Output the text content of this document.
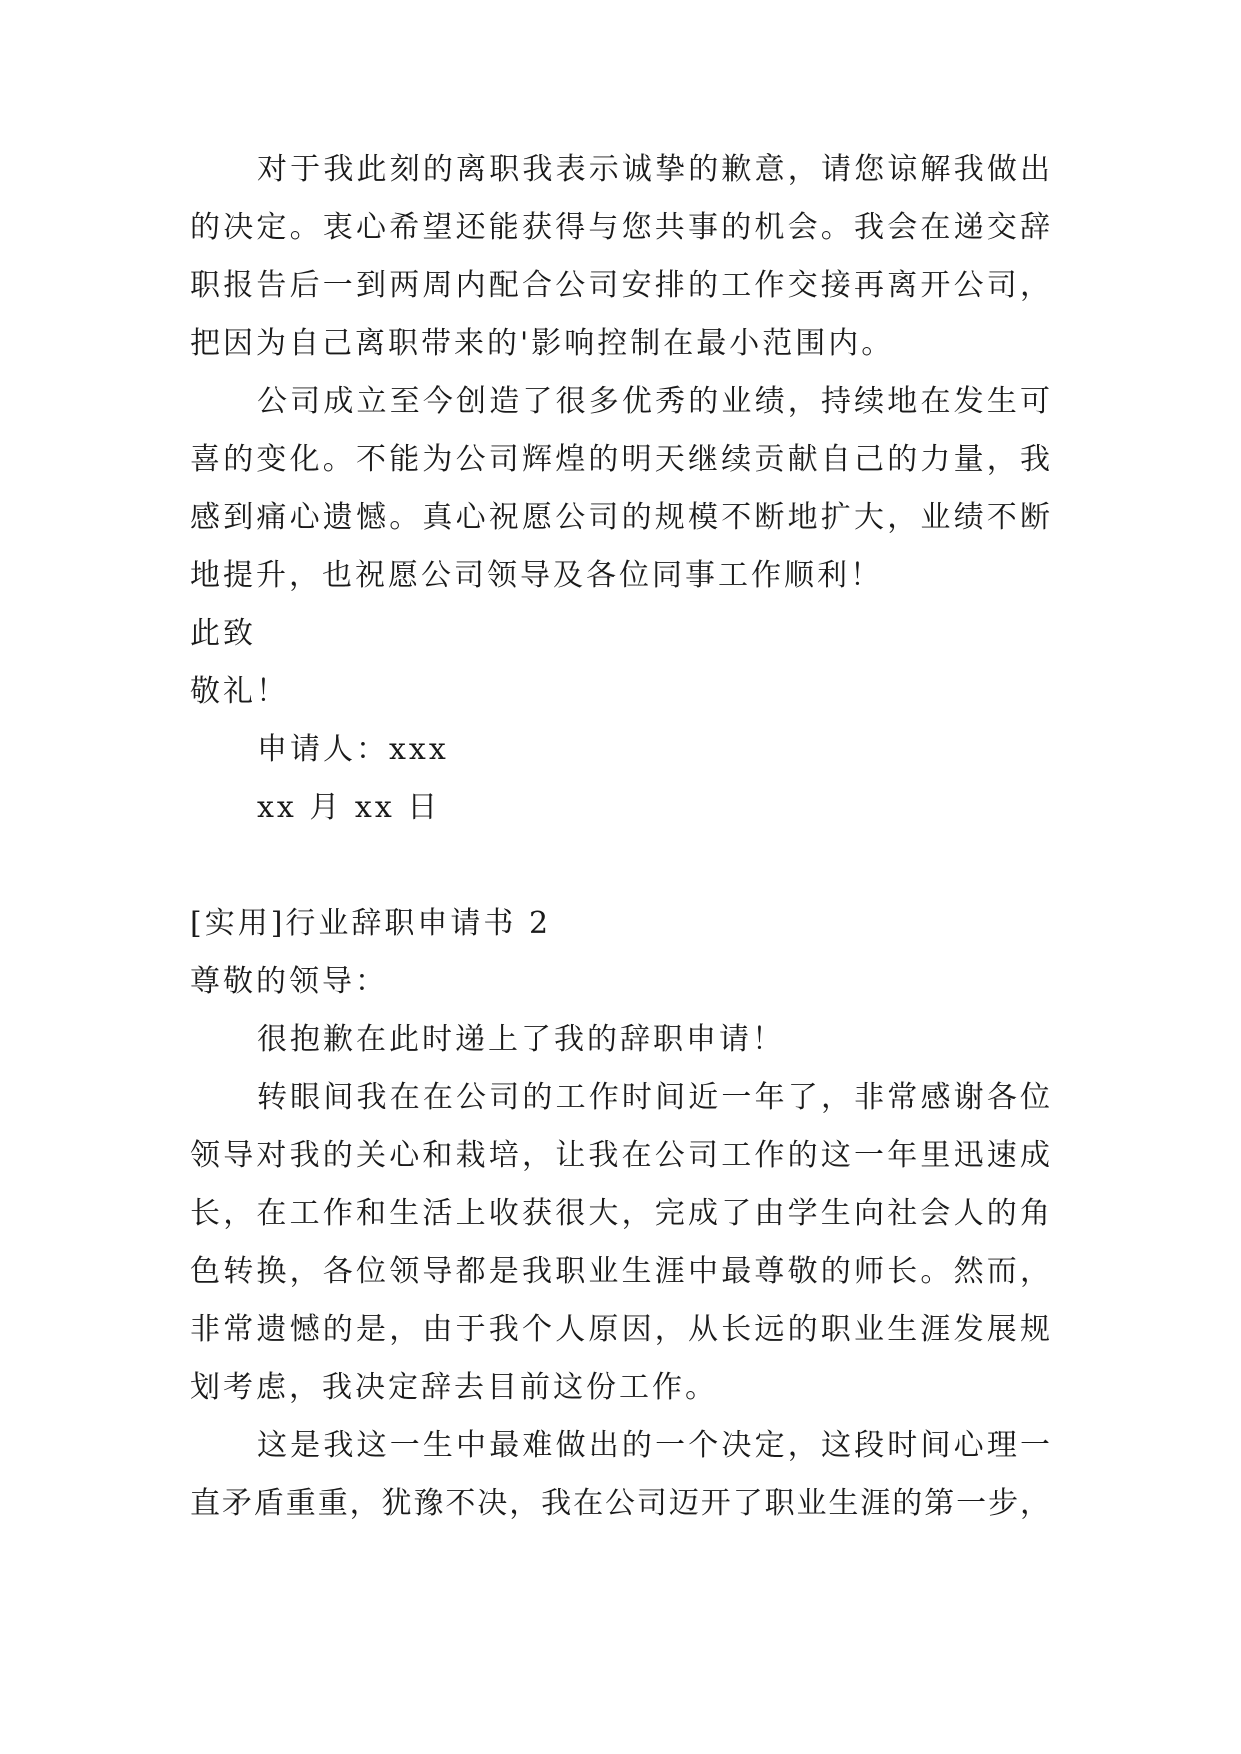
对于我此刻的离职我表示诚挚的歉意，请您谅解我做出
的决定。衷心希望还能获得与您共事的机会。我会在递交辞
职报告后一到两周内配合公司安排的工作交接再离开公司，
把因为自己离职带来的'影响控制在最小范围内。
公司成立至今创造了很多优秀的业绩，持续地在发生可
喜的变化。不能为公司辉煌的明天继续贡献自己的力量，我
感到痛心遗憾。真心祝愿公司的规模不断地扩大，业绩不断
地提升，也祝愿公司领导及各位同事工作顺利！
此致
敬礼！
申请人：xxx
xx 月 xx 日
[实用]行业辞职申请书 2
尊敬的领导：
很抱歉在此时递上了我的辞职申请！
转眼间我在在公司的工作时间近一年了，非常感谢各位
领导对我的关心和栽培，让我在公司工作的这一年里迅速成
长，在工作和生活上收获很大，完成了由学生向社会人的角
色转换，各位领导都是我职业生涯中最尊敬的师长。然而，
非常遗憾的是，由于我个人原因，从长远的职业生涯发展规
划考虑，我决定辞去目前这份工作。
这是我这一生中最难做出的一个决定，这段时间心理一
直矛盾重重，犹豫不决，我在公司迈开了职业生涯的第一步，
